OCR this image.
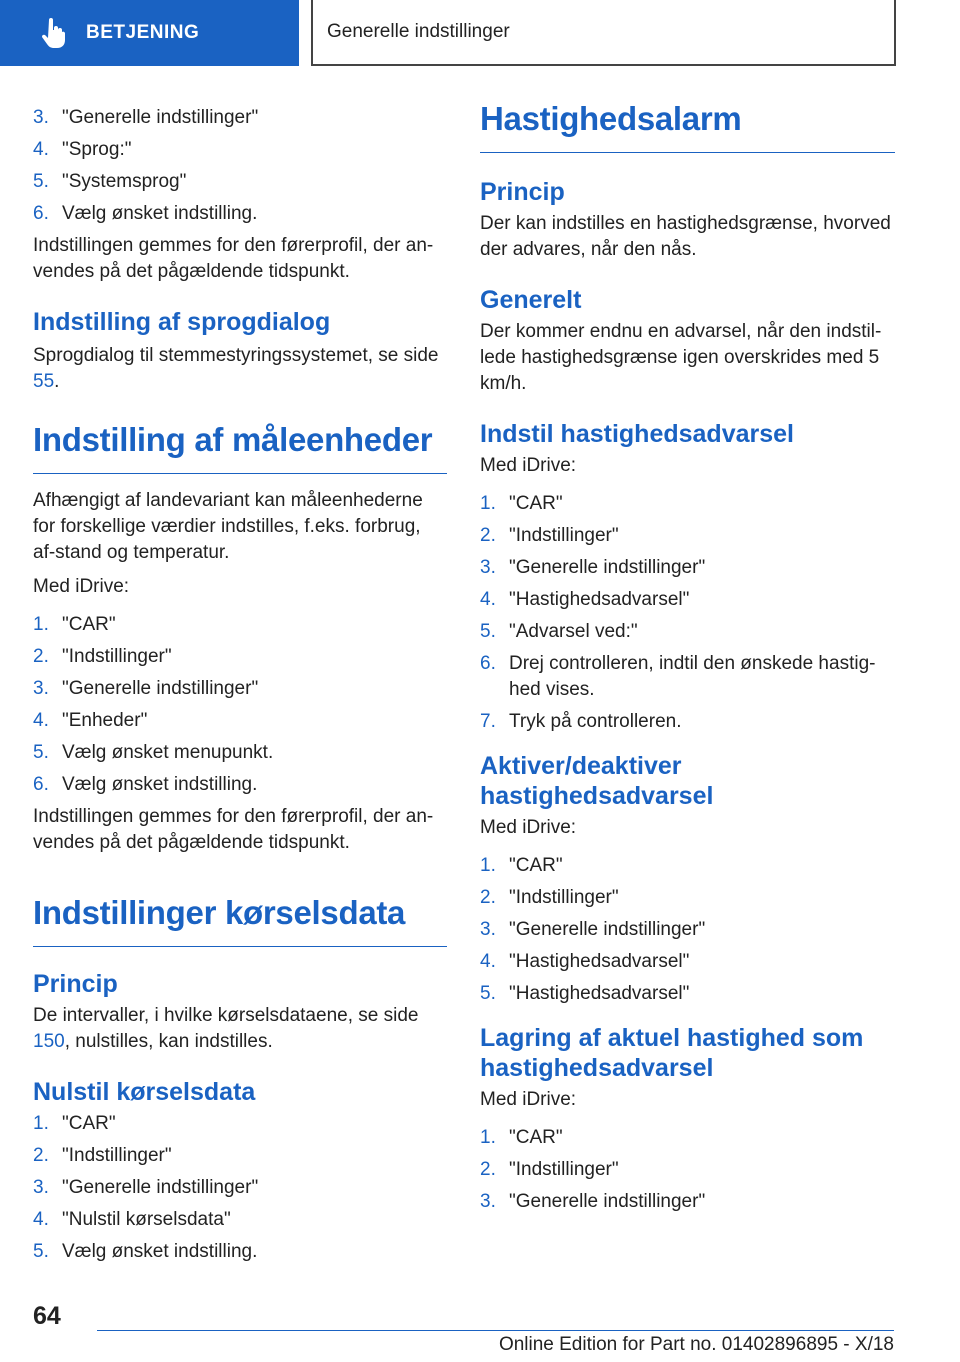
BETJENING	Generelle indstillinger
3. "Generelle indstillinger"
4. "Sprog:"
5. "Systemsprog"
6. Vælg ønsket indstilling.

Indstillingen gemmes for den førerprofil, der an-vendes på det pågældende tidspunkt.

Indstilling af sprogdialog

Sprogdialog til stemmestyringssystemet, se side 55.

Indstilling af måleenheder

Afhængigt af landevariant kan måleenhederne for forskellige værdier indstilles, f.eks. forbrug, af-stand og temperatur.

Med iDrive:

1. "CAR"
2. "Indstillinger"
3. "Generelle indstillinger"
4. "Enheder"
5. Vælg ønsket menupunkt.
6. Vælg ønsket indstilling.

Indstillingen gemmes for den førerprofil, der an-vendes på det pågældende tidspunkt.

Indstillinger kørselsdata
Princip

De intervaller, i hvilke kørselsdataene, se side 150, nulstilles, kan indstilles.

Nulstil kørselsdata
1. "CAR"
2. "Indstillinger"
3. "Generelle indstillinger"
4. "Nulstil kørselsdata"
5. Vælg ønsket indstilling.
Hastighedsalarm
Princip

Der kan indstilles en hastighedsgrænse, hvorved der advares, når den nås.

Generelt

Der kommer endnu en advarsel, når den indstil-lede hastighedsgrænse igen overskrides med 5 km/h.

Indstil hastighedsadvarsel

Med iDrive:

1. "CAR"
2. "Indstillinger"
3. "Generelle indstillinger"
4. "Hastighedsadvarsel"
5. "Advarsel ved:"
6. Drej controlleren, indtil den ønskede hastig-hed vises.
7. Tryk på controlleren.
Aktiver/deaktiver hastighedsadvarsel

Med iDrive:

1. "CAR"
2. "Indstillinger"
3. "Generelle indstillinger"
4. "Hastighedsadvarsel"
5. "Hastighedsadvarsel"
Lagring af aktuel hastighed som hastighedsadvarsel

Med iDrive:

1. "CAR"
2. "Indstillinger"
3. "Generelle indstillinger"
64
Online Edition for Part no. 01402896895 - X/18
